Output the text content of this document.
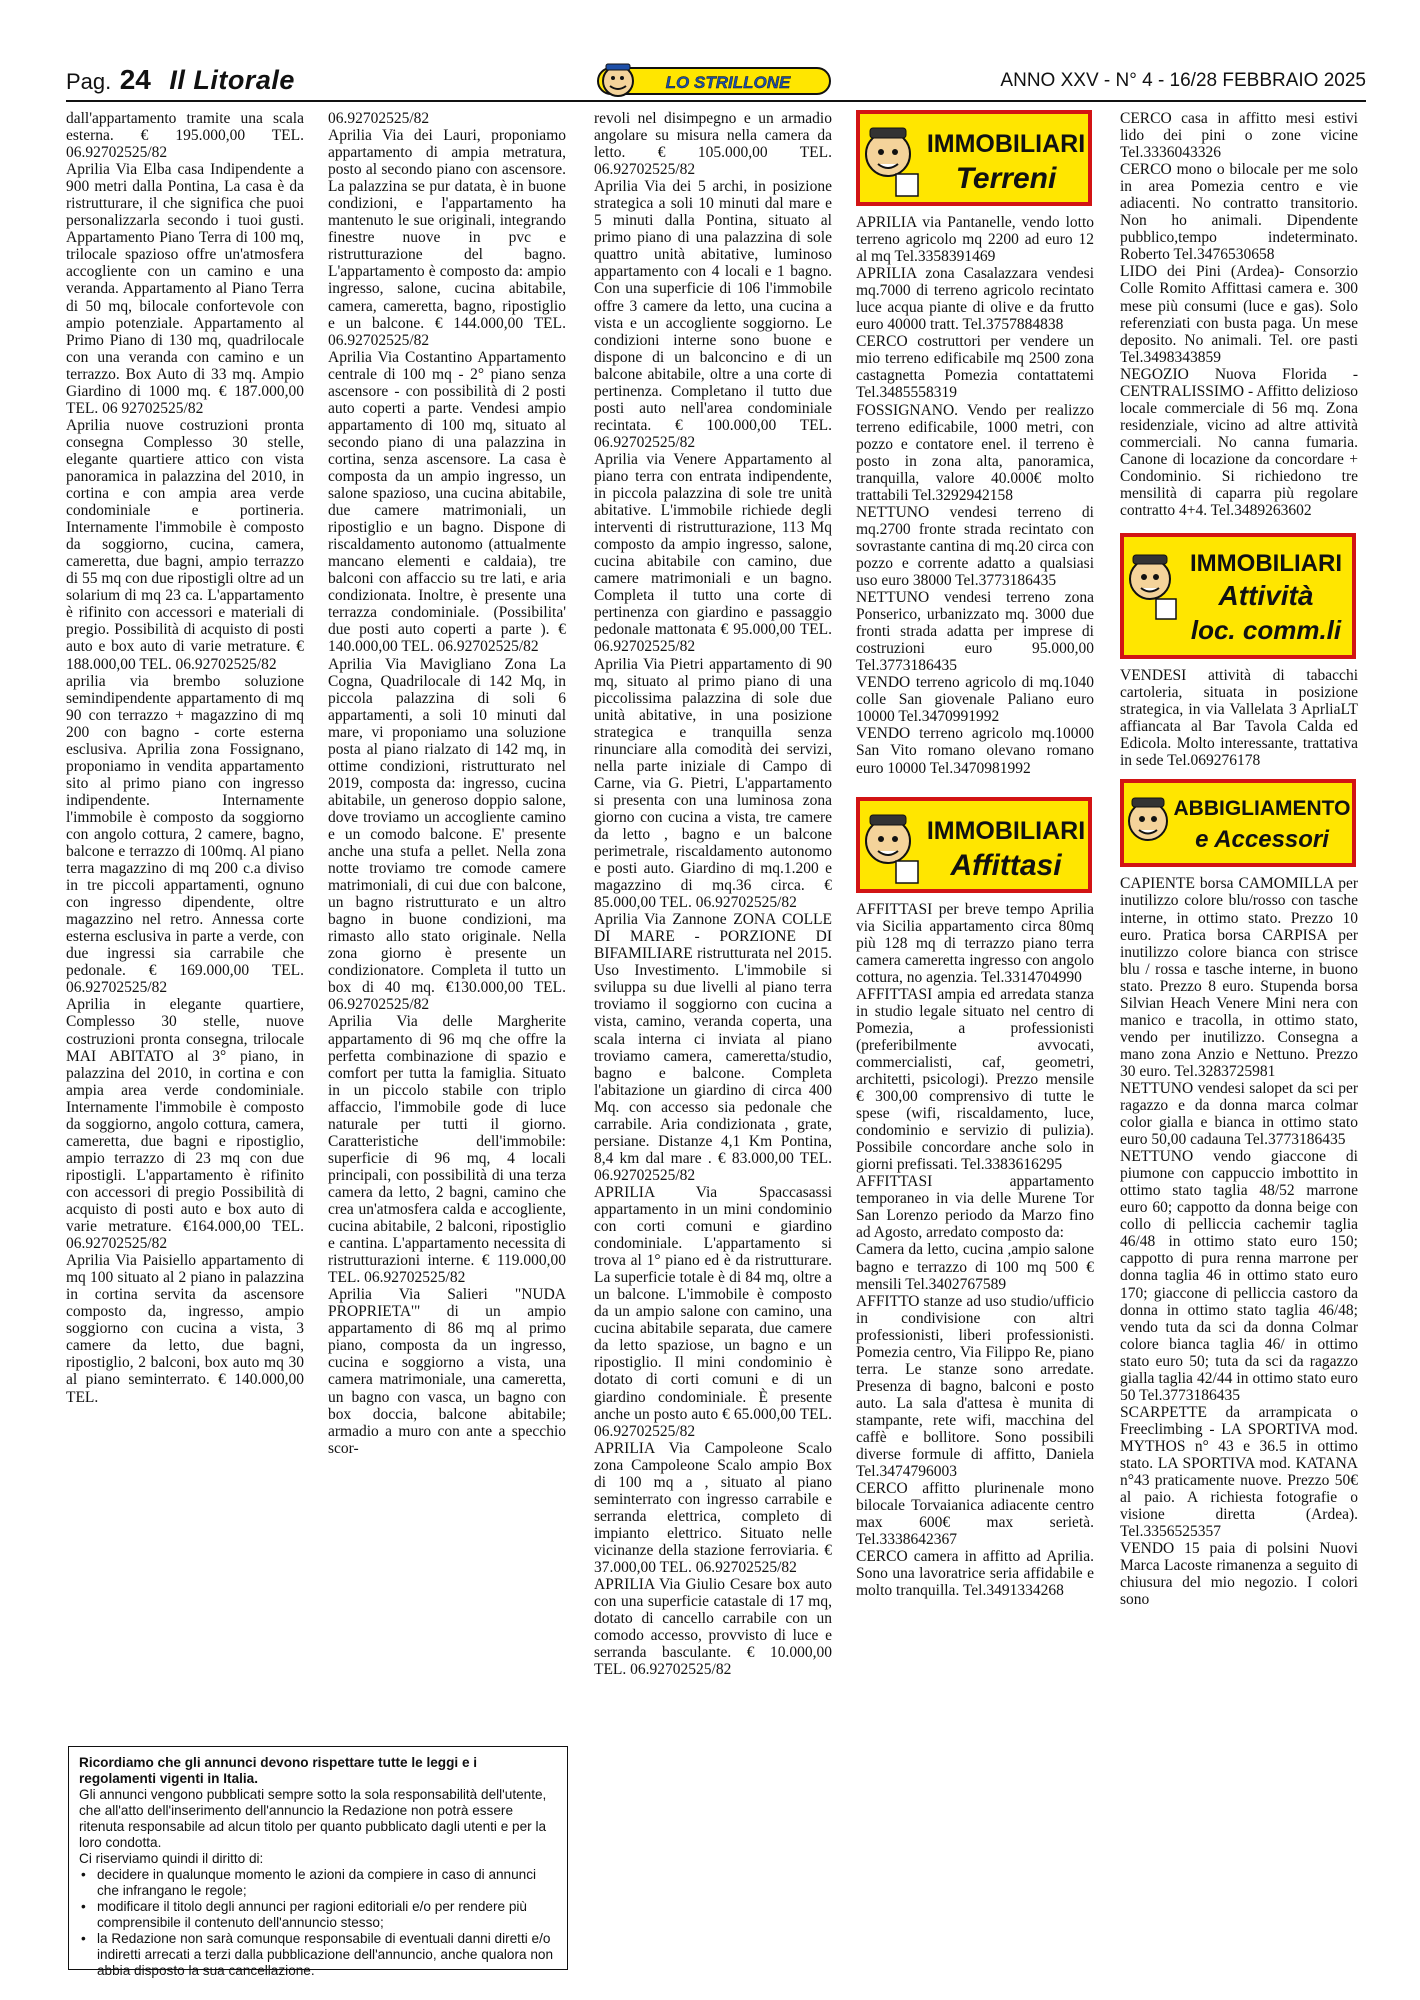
Pag. 24 Il Litorale	LO STRILLONE	ANNO XXV - N° 4 - 16/28 FEBBRAIO 2025

dall'appartamento tramite una scala esterna. € 195.000,00 TEL. 06.92702525/82

Aprilia Via Elba casa Indipendente a 900 metri dalla Pontina, La casa è da ristrutturare, il che significa che puoi personalizzarla secondo i tuoi gusti. Appartamento Piano Terra di 100 mq, trilocale spazioso offre un'atmosfera accogliente con un camino e una veranda. Appartamento al Piano Terra di 50 mq, bilocale confortevole con ampio potenziale. Appartamento al Primo Piano di 130 mq, quadrilocale con una veranda con camino e un terrazzo. Box Auto di 33 mq. Ampio Giardino di 1000 mq. € 187.000,00 TEL. 06 92702525/82

Aprilia nuove costruzioni pronta consegna Complesso 30 stelle, elegante quartiere attico con vista panoramica in palazzina del 2010, in cortina e con ampia area verde condominiale e portineria. Internamente l'immobile è composto da soggiorno, cucina, camera, cameretta, due bagni, ampio terrazzo di 55 mq con due ripostigli oltre ad un solarium di mq 23 ca. L'appartamento è rifinito con accessori e materiali di pregio. Possibilità di acquisto di posti auto e box auto di varie metrature. € 188.000,00 TEL. 06.92702525/82

aprilia via brembo soluzione semindipendente appartamento di mq 90 con terrazzo + magazzino di mq 200 con bagno - corte esterna esclusiva. Aprilia zona Fossignano, proponiamo in vendita appartamento sito al primo piano con ingresso indipendente. Internamente l'immobile è composto da soggiorno con angolo cottura, 2 camere, bagno, balcone e terrazzo di 100mq. Al piano terra magazzino di mq 200 c.a diviso in tre piccoli appartamenti, ognuno con ingresso dipendente, oltre magazzino nel retro. Annessa corte esterna esclusiva in parte a verde, con due ingressi sia carrabile che pedonale. € 169.000,00 TEL. 06.92702525/82

Aprilia in elegante quartiere, Complesso 30 stelle, nuove costruzioni pronta consegna, trilocale MAI ABITATO al 3° piano, in palazzina del 2010, in cortina e con ampia area verde condominiale. Internamente l'immobile è composto da soggiorno, angolo cottura, camera, cameretta, due bagni e ripostiglio, ampio terrazzo di 23 mq con due ripostigli. L'appartamento è rifinito con accessori di pregio Possibilità di acquisto di posti auto e box auto di varie metrature. €164.000,00 TEL. 06.92702525/82

Aprilia Via Paisiello appartamento di mq 100 situato al 2 piano in palazzina in cortina servita da ascensore composto da, ingresso, ampio soggiorno con cucina a vista, 3 camere da letto, due bagni, ripostiglio, 2 balconi, box auto mq 30 al piano seminterrato. € 140.000,00 TEL.

06.92702525/82

Aprilia Via dei Lauri, proponiamo appartamento di ampia metratura, posto al secondo piano con ascensore. La palazzina se pur datata, è in buone condizioni, e l'appartamento ha mantenuto le sue originali, integrando finestre nuove in pvc e ristrutturazione del bagno. L'appartamento è composto da: ampio ingresso, salone, cucina abitabile, camera, cameretta, bagno, ripostiglio e un balcone. € 144.000,00 TEL. 06.92702525/82

Aprilia Via Costantino Appartamento centrale di 100 mq - 2° piano senza ascensore - con possibilità di 2 posti auto coperti a parte. Vendesi ampio appartamento di 100 mq, situato al secondo piano di una palazzina in cortina, senza ascensore. La casa è composta da un ampio ingresso, un salone spazioso, una cucina abitabile, due camere matrimoniali, un ripostiglio e un bagno. Dispone di riscaldamento autonomo (attualmente mancano elementi e caldaia), tre balconi con affaccio su tre lati, e aria condizionata. Inoltre, è presente una terrazza condominiale. (Possibilita' due posti auto coperti a parte ). € 140.000,00 TEL. 06.92702525/82

Aprilia Via Mavigliano Zona La Cogna, Quadrilocale di 142 Mq, in piccola palazzina di soli 6 appartamenti, a soli 10 minuti dal mare, vi proponiamo una soluzione posta al piano rialzato di 142 mq, in ottime condizioni, ristrutturato nel 2019, composta da: ingresso, cucina abitabile, un generoso doppio salone, dove troviamo un accogliente camino e un comodo balcone. E' presente anche una stufa a pellet. Nella zona notte troviamo tre comode camere matrimoniali, di cui due con balcone, un bagno ristrutturato e un altro bagno in buone condizioni, ma rimasto allo stato originale. Nella zona giorno è presente un condizionatore. Completa il tutto un box di 40 mq. €130.000,00 TEL. 06.92702525/82

Aprilia Via delle Margherite appartamento di 96 mq che offre la perfetta combinazione di spazio e comfort per tutta la famiglia. Situato in un piccolo stabile con triplo affaccio, l'immobile gode di luce naturale per tutti il giorno. Caratteristiche dell'immobile: superficie di 96 mq, 4 locali principali, con possibilità di una terza camera da letto, 2 bagni, camino che crea un'atmosfera calda e accogliente, cucina abitabile, 2 balconi, ripostiglio e cantina. L'appartamento necessita di ristrutturazioni interne. € 119.000,00 TEL. 06.92702525/82

Aprilia Via Salieri "NUDA PROPRIETA'" di un ampio appartamento di 86 mq al primo piano, composta da un ingresso, cucina e soggiorno a vista, una camera matrimoniale, una cameretta, un bagno con vasca, un bagno con box doccia, balcone abitabile; armadio a muro con ante a specchio scor-

revoli nel disimpegno e un armadio angolare su misura nella camera da letto. € 105.000,00 TEL. 06.92702525/82

Aprilia Via dei 5 archi, in posizione strategica a soli 10 minuti dal mare e 5 minuti dalla Pontina, situato al primo piano di una palazzina di sole quattro unità abitative, luminoso appartamento con 4 locali e 1 bagno. Con una superficie di 106 l'immobile offre 3 camere da letto, una cucina a vista e un accogliente soggiorno. Le condizioni interne sono buone e dispone di un balconcino e di un balcone abitabile, oltre a una corte di pertinenza. Completano il tutto due posti auto nell'area condominiale recintata. € 100.000,00 TEL. 06.92702525/82

Aprilia via Venere Appartamento al piano terra con entrata indipendente, in piccola palazzina di sole tre unità abitative. L'immobile richiede degli interventi di ristrutturazione, 113 Mq composto da ampio ingresso, salone, cucina abitabile con camino, due camere matrimoniali e un bagno. Completa il tutto una corte di pertinenza con giardino e passaggio pedonale mattonata € 95.000,00 TEL. 06.92702525/82

Aprilia Via Pietri appartamento di 90 mq, situato al primo piano di una piccolissima palazzina di sole due unità abitative, in una posizione strategica e tranquilla senza rinunciare alla comodità dei servizi, nella parte iniziale di Campo di Carne, via G. Pietri, L'appartamento si presenta con una luminosa zona giorno con cucina a vista, tre camere da letto , bagno e un balcone perimetrale, riscaldamento autonomo e posti auto. Giardino di mq.1.200 e magazzino di mq.36 circa. € 85.000,00 TEL. 06.92702525/82

Aprilia Via Zannone ZONA COLLE DI MARE - PORZIONE DI BIFAMILIARE ristrutturata nel 2015. Uso Investimento. L'immobile si sviluppa su due livelli al piano terra troviamo il soggiorno con cucina a vista, camino, veranda coperta, una scala interna ci inviata al piano troviamo camera, cameretta/studio, bagno e balcone. Completa l'abitazione un giardino di circa 400 Mq. con accesso sia pedonale che carrabile. Aria condizionata , grate, persiane. Distanze 4,1 Km Pontina, 8,4 km dal mare . € 83.000,00 TEL. 06.92702525/82

APRILIA Via Spaccasassi appartamento in un mini condominio con corti comuni e giardino condominiale. L'appartamento si trova al 1° piano ed è da ristrutturare. La superficie totale è di 84 mq, oltre a un balcone. L'immobile è composto da un ampio salone con camino, una cucina abitabile separata, due camere da letto spaziose, un bagno e un ripostiglio. Il mini condominio è dotato di corti comuni e di un giardino condominiale. È presente anche un posto auto € 65.000,00 TEL. 06.92702525/82

APRILIA Via Campoleone Scalo zona Campoleone Scalo ampio Box di 100 mq a , situato al piano seminterrato con ingresso carrabile e serranda elettrica, completo di impianto elettrico. Situato nelle vicinanze della stazione ferroviaria. € 37.000,00 TEL. 06.92702525/82

APRILIA Via Giulio Cesare box auto con una superficie catastale di 17 mq, dotato di cancello carrabile con un comodo accesso, provvisto di luce e serranda basculante. € 10.000,00 TEL. 06.92702525/82

IMMOBILIARI
Terreni

APRILIA via Pantanelle, vendo lotto terreno agricolo mq 2200 ad euro 12 al mq Tel.3358391469

APRILIA zona Casalazzara vendesi mq.7000 di terreno agricolo recintato luce acqua piante di olive e da frutto euro 40000 tratt. Tel.3757884838

CERCO costruttori per vendere un mio terreno edificabile mq 2500 zona castagnetta Pomezia contattatemi Tel.3485558319

FOSSIGNANO. Vendo per realizzo terreno edificabile, 1000 metri, con pozzo e contatore enel. il terreno è posto in zona alta, panoramica, tranquilla, valore 40.000€ molto trattabili Tel.3292942158

NETTUNO vendesi terreno di mq.2700 fronte strada recintato con sovrastante cantina di mq.20 circa con pozzo e corrente adatto a qualsiasi uso euro 38000 Tel.3773186435

NETTUNO vendesi terreno zona Ponserico, urbanizzato mq. 3000 due fronti strada adatta per imprese di costruzioni euro 95.000,00 Tel.3773186435

VENDO terreno agricolo di mq.1040 colle San giovenale Paliano euro 10000 Tel.3470991992

VENDO terreno agricolo mq.10000 San Vito romano olevano romano euro 10000 Tel.3470981992

IMMOBILIARI
Affittasi

AFFITTASI per breve tempo Aprilia via Sicilia appartamento circa 80mq più 128 mq di terrazzo piano terra camera cameretta ingresso con angolo cottura, no agenzia. Tel.3314704990

AFFITTASI ampia ed arredata stanza in studio legale situato nel centro di Pomezia, a professionisti (preferibilmente avvocati, commercialisti, caf, geometri, architetti, psicologi). Prezzo mensile € 300,00 comprensivo di tutte le spese (wifi, riscaldamento, luce, condominio e servizio di pulizia). Possibile concordare anche solo in giorni prefissati. Tel.3383616295

AFFITTASI appartamento temporaneo in via delle Murene Tor San Lorenzo periodo da Marzo fino ad Agosto, arredato composto da:

Camera da letto, cucina ,ampio salone bagno e terrazzo di 100 mq 500 € mensili Tel.3402767589

AFFITTO stanze ad uso studio/ufficio in condivisione con altri professionisti, liberi professionisti. Pomezia centro, Via Filippo Re, piano terra. Le stanze sono arredate. Presenza di bagno, balconi e posto auto. La sala d'attesa è munita di stampante, rete wifi, macchina del caffè e bollitore. Sono possibili diverse formule di affitto, Daniela Tel.3474796003

CERCO affitto plurinenale mono bilocale Torvaianica adiacente centro max 600€ max serietà. Tel.3338642367

CERCO camera in affitto ad Aprilia. Sono una lavoratrice seria affidabile e molto tranquilla. Tel.3491334268

CERCO casa in affitto mesi estivi lido dei pini o zone vicine Tel.3336043326

CERCO mono o bilocale per me solo in area Pomezia centro e vie adiacenti. No contratto transitorio. Non ho animali. Dipendente pubblico,tempo indeterminato. Roberto Tel.3476530658

LIDO dei Pini (Ardea)- Consorzio Colle Romito Affittasi camera e. 300 mese più consumi (luce e gas). Solo referenziati con busta paga. Un mese deposito. No animali. Tel. ore pasti Tel.3498343859

NEGOZIO Nuova Florida - CENTRALISSIMO - Affitto delizioso locale commerciale di 56 mq. Zona residenziale, vicino ad altre attività commerciali. No canna fumaria. Canone di locazione da concordare + Condominio. Si richiedono tre mensilità di caparra più regolare contratto 4+4. Tel.3489263602

IMMOBILIARI
Attività
loc. comm.li

VENDESI attività di tabacchi cartoleria, situata in posizione strategica, in via Vallelata 3 AprliaLT affiancata al Bar Tavola Calda ed Edicola. Molto interessante, trattativa in sede Tel.069276178

ABBIGLIAMENTO
e Accessori

CAPIENTE borsa CAMOMILLA per inutilizzo colore blu/rosso con tasche interne, in ottimo stato. Prezzo 10 euro. Pratica borsa CARPISA per inutilizzo colore bianca con strisce blu / rossa e tasche interne, in buono stato. Prezzo 8 euro. Stupenda borsa Silvian Heach Venere Mini nera con manico e tracolla, in ottimo stato, vendo per inutilizzo. Consegna a mano zona Anzio e Nettuno. Prezzo 30 euro. Tel.3283725981

NETTUNO vendesi salopet da sci per ragazzo e da donna marca colmar color gialla e bianca in ottimo stato euro 50,00 cadauna Tel.3773186435

NETTUNO vendo giaccone di piumone con cappuccio imbottito in ottimo stato taglia 48/52 marrone euro 60; cappotto da donna beige con collo di pelliccia cachemir taglia 46/48 in ottimo stato euro 150; cappotto di pura renna marrone per donna taglia 46 in ottimo stato euro 170; giaccone di pelliccia castoro da donna in ottimo stato taglia 46/48; vendo tuta da sci da donna Colmar colore bianca taglia 46/ in ottimo stato euro 50; tuta da sci da ragazzo gialla taglia 42/44 in ottimo stato euro 50 Tel.3773186435

SCARPETTE da arrampicata o Freeclimbing - LA SPORTIVA mod. MYTHOS n° 43 e 36.5 in ottimo stato. LA SPORTIVA mod. KATANA n°43 praticamente nuove. Prezzo 50€ al paio. A richiesta fotografie o visione diretta (Ardea). Tel.3356525357

VENDO 15 paia di polsini Nuovi Marca Lacoste rimanenza a seguito di chiusura del mio negozio. I colori sono

Ricordiamo che gli annunci devono rispettare tutte le leggi e i regolamenti vigenti in Italia.

Gli annunci vengono pubblicati sempre sotto la sola responsabilità dell'utente, che all'atto dell'inserimento dell'annuncio la Redazione non potrà essere ritenuta responsabile ad alcun titolo per quanto pubblicato dagli utenti e per la loro condotta.

Ci riserviamo quindi il diritto di:

• decidere in qualunque momento le azioni da compiere in caso di annunci che infrangano le regole;

• modificare il titolo degli annunci per ragioni editoriali e/o per rendere più comprensibile il contenuto dell'annuncio stesso;

• la Redazione non sarà comunque responsabile di eventuali danni diretti e/o indiretti arrecati a terzi dalla pubblicazione dell'annuncio, anche qualora non abbia disposto la sua cancellazione.
